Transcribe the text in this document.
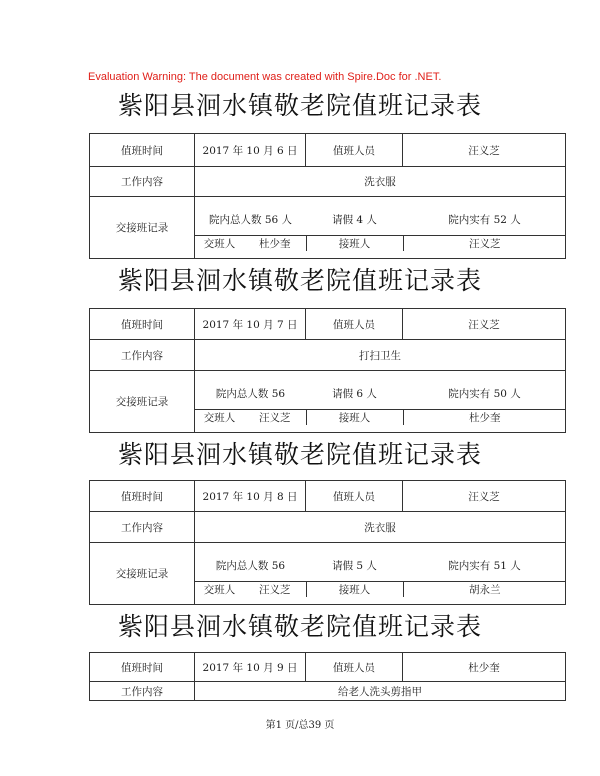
Evaluation Warning: The document was created with Spire.Doc for .NET.
紫阳县洄水镇敬老院值班记录表
值班时间	2017 年 10 月 6 日	值班人员	汪义芝
工作内容	洗衣服
交接班记录	
院内总人数 56 人	请假 4 人	院内实有 52 人
交班人	杜少奎	接班人	汪义芝
紫阳县洄水镇敬老院值班记录表
值班时间	2017 年 10 月 7 日	值班人员	汪义芝
工作内容	打扫卫生
交接班记录	
院内总人数 56	请假 6 人	院内实有 50 人
交班人	汪义芝	接班人	杜少奎
紫阳县洄水镇敬老院值班记录表
值班时间	2017 年 10 月 8 日	值班人员	汪义芝
工作内容	洗衣服
交接班记录	
院内总人数 56	请假 5 人	院内实有 51 人
交班人	汪义芝	接班人	胡永兰
紫阳县洄水镇敬老院值班记录表
值班时间	2017 年 10 月 9 日	值班人员	杜少奎
工作内容	给老人洗头剪指甲		
第1 页/总39 页
